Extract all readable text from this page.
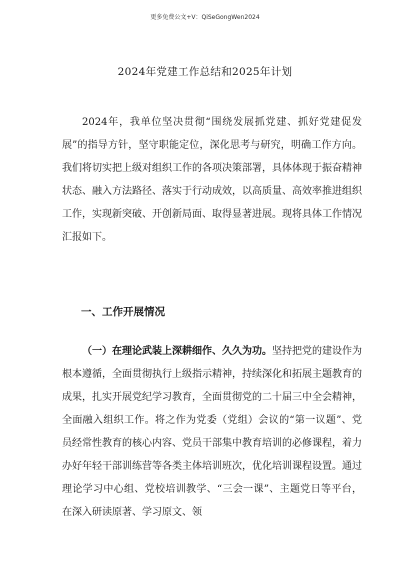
更多免费公文+V：QiSeGongWen2024
2024年党建工作总结和2025年计划

2024年，我单位坚决贯彻“围绕发展抓党建、抓好党建促发展”的指导方针，坚守职能定位，深化思考与研究，明确工作方向。我们将切实把上级对组织工作的各项决策部署，具体体现于振奋精神状态、融入方法路径、落实于行动成效，以高质量、高效率推进组织工作，实现新突破、开创新局面、取得显著进展。现将具体工作情况汇报如下。

一、工作开展情况

（一）在理论武装上深耕细作、久久为功。坚持把党的建设作为根本遵循，全面贯彻执行上级指示精神，持续深化和拓展主题教育的成果，扎实开展党纪学习教育，全面贯彻党的二十届三中全会精神，全面融入组织工作。将之作为党委（党组）会议的“第一议题”、党员经常性教育的核心内容、党员干部集中教育培训的必修课程，着力办好年轻干部训练营等各类主体培训班次，优化培训课程设置。通过理论学习中心组、党校培训教学、“三会一课”、主题党日等平台，在深入研读原著、学习原文、领
